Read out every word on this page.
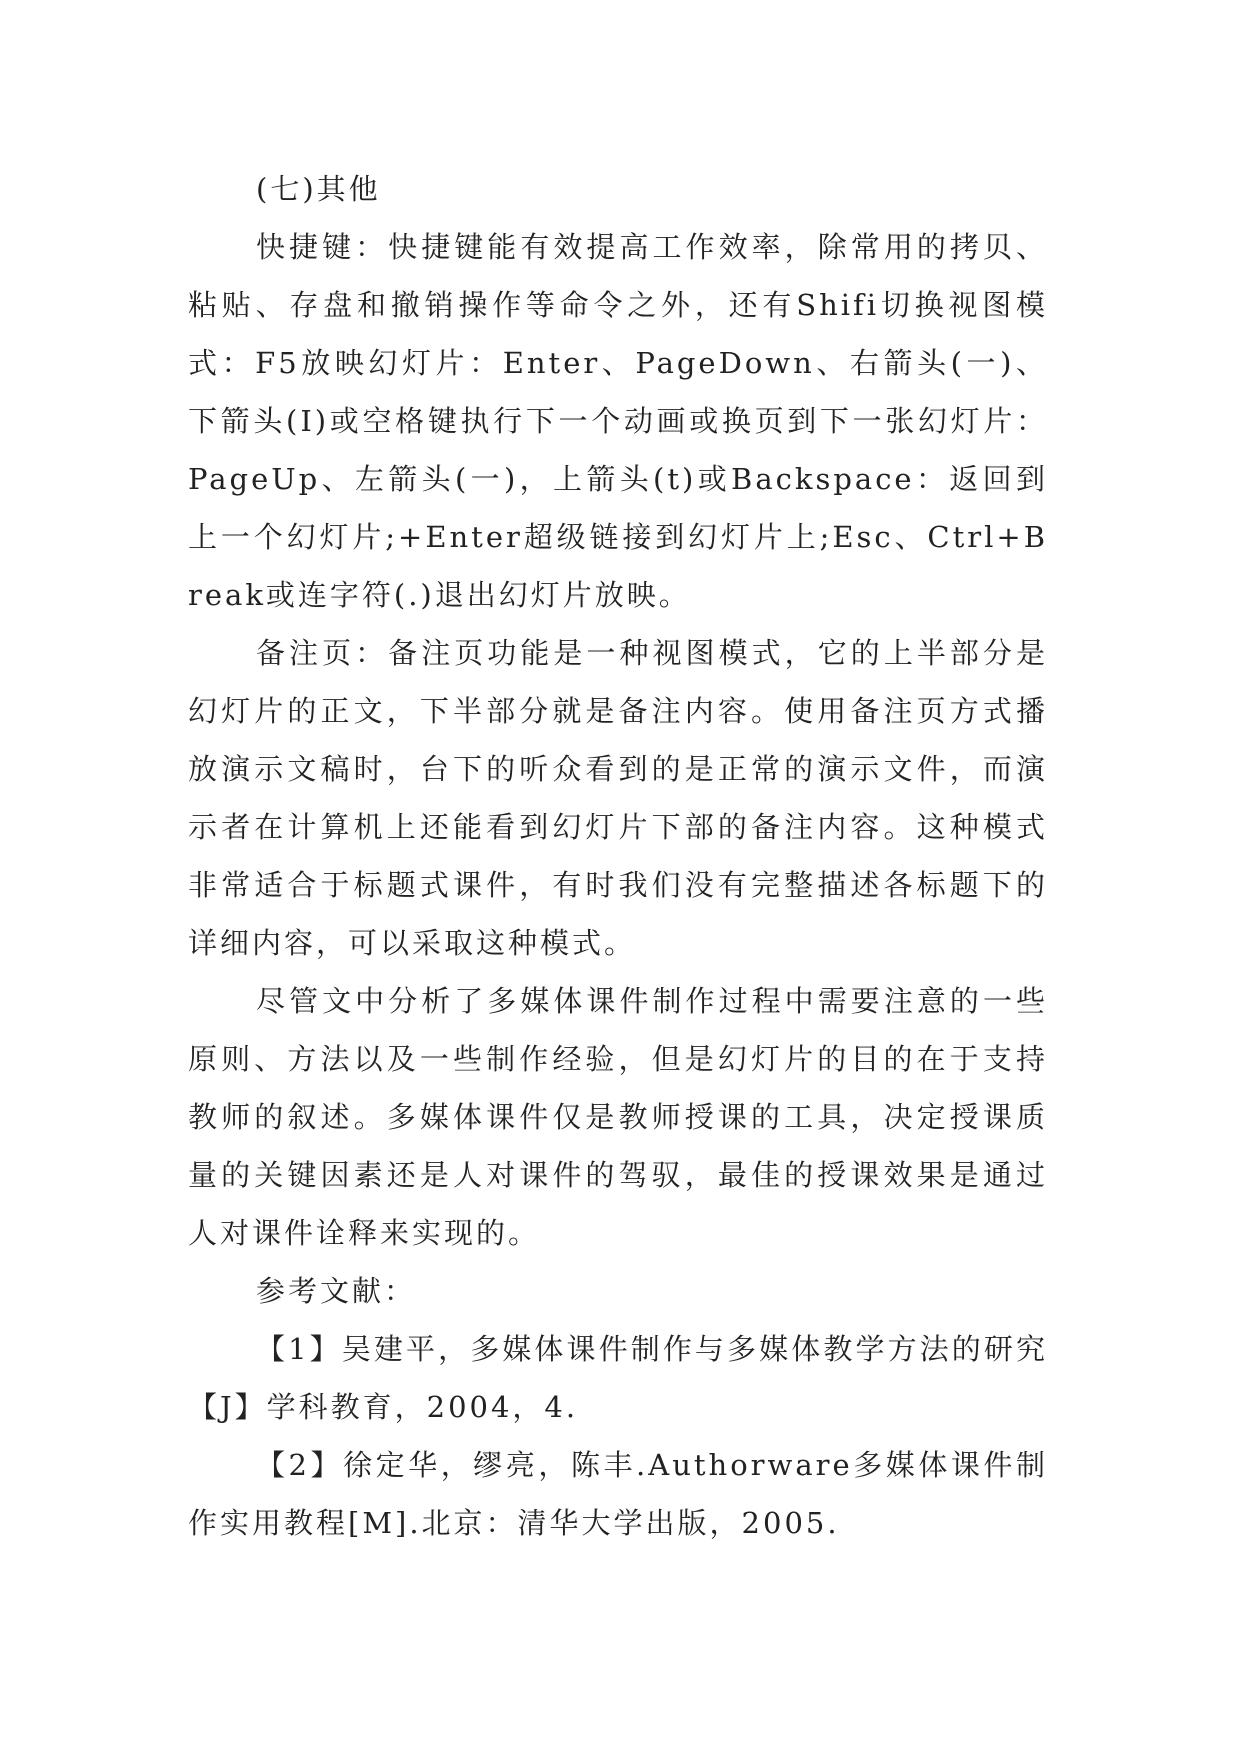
(七)其他

快捷键：快捷键能有效提高工作效率，除常用的拷贝、粘贴、存盘和撤销操作等命令之外，还有Shifi切换视图模式：F5放映幻灯片：Enter、PageDown、右箭头(一)、下箭头(I)或空格键执行下一个动画或换页到下一张幻灯片：PageUp、左箭头(一)，上箭头(t)或Backspace：返回到上一个幻灯片;+Enter超级链接到幻灯片上;Esc、Ctrl+Break或连字符(.)退出幻灯片放映。

备注页：备注页功能是一种视图模式，它的上半部分是幻灯片的正文，下半部分就是备注内容。使用备注页方式播放演示文稿时，台下的听众看到的是正常的演示文件，而演示者在计算机上还能看到幻灯片下部的备注内容。这种模式非常适合于标题式课件，有时我们没有完整描述各标题下的详细内容，可以采取这种模式。

尽管文中分析了多媒体课件制作过程中需要注意的一些原则、方法以及一些制作经验，但是幻灯片的目的在于支持教师的叙述。多媒体课件仅是教师授课的工具，决定授课质量的关键因素还是人对课件的驾驭，最佳的授课效果是通过人对课件诠释来实现的。

参考文献：

【1】吴建平，多媒体课件制作与多媒体教学方法的研究【J】学科教育，2004，4.

【2】徐定华，缪亮，陈丰.Authorware多媒体课件制作实用教程[M].北京：清华大学出版，2005.
